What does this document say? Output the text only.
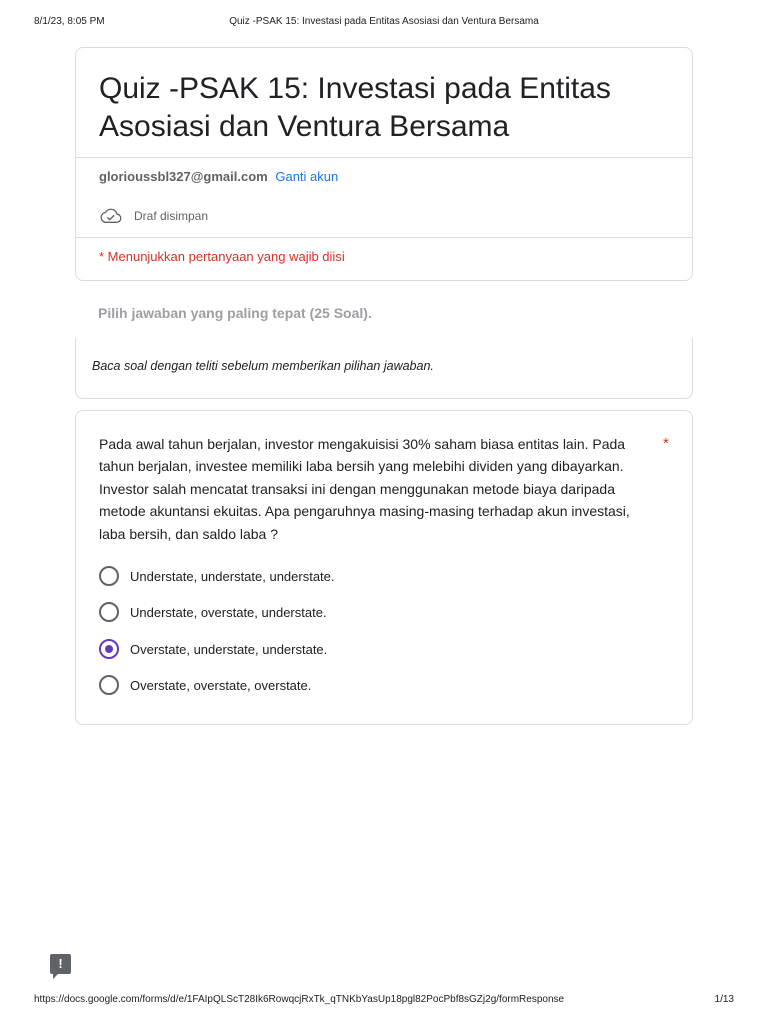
8/1/23, 8:05 PM	Quiz -PSAK 15: Investasi pada Entitas Asosiasi dan Ventura Bersama
Quiz -PSAK 15: Investasi pada Entitas Asosiasi dan Ventura Bersama
glorioussbl327@gmail.com Ganti akun
Draf disimpan
* Menunjukkan pertanyaan yang wajib diisi
Pilih jawaban yang paling tepat (25 Soal).
Baca soal dengan teliti sebelum memberikan pilihan jawaban.

Pada awal tahun berjalan, investor mengakuisisi 30% saham biasa entitas lain. Pada tahun berjalan, investee memiliki laba bersih yang melebihi dividen yang dibayarkan. Investor salah mencatat transaksi ini dengan menggunakan metode biaya daripada metode akuntansi ekuitas. Apa pengaruhnya masing-masing terhadap akun investasi, laba bersih, dan saldo laba ?

*
Understate, understate, understate.
Understate, overstate, understate.
Overstate, understate, understate.
Overstate, overstate, overstate.
!
https://docs.google.com/forms/d/e/1FAIpQLScT28Ik6RowqcjRxTk_qTNKbYasUp18pgl82PocPbf8sGZj2g/formResponse	1/13
